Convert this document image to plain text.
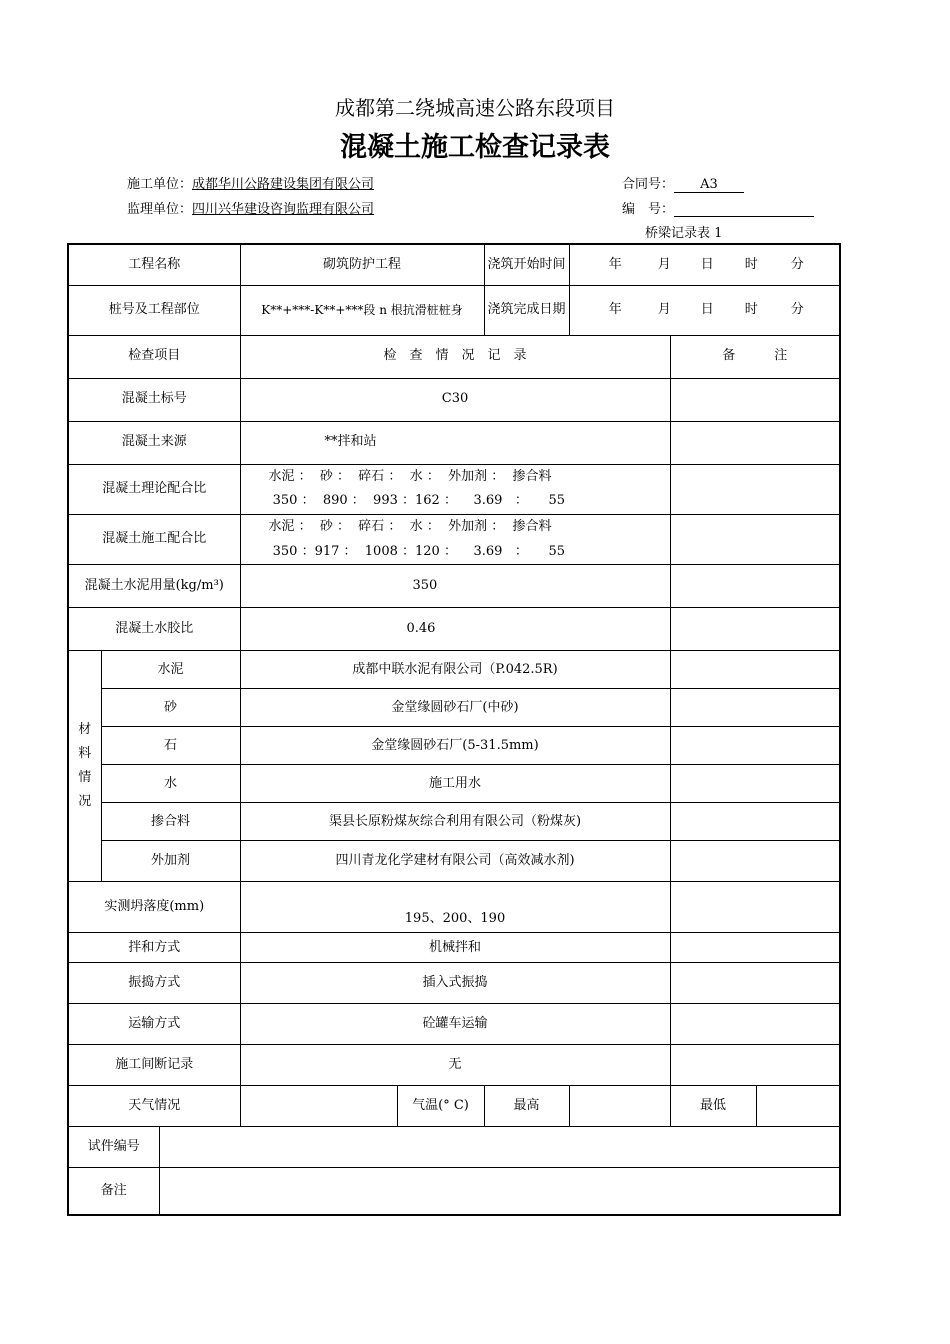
成都第二绕城高速公路东段项目
混凝土施工检查记录表
施工单位：成都华川公路建设集团有限公司
监理单位：四川兴华建设咨询监理有限公司
合同号： A3
编　号：
桥梁记录表 1
工程名称			砌筑防护工程		浇筑开始时间	年 月 日 时 分		
桩号及工程部位			K**+***-K**+***段 n 根抗滑桩桩身		浇筑完成日期	年 月 日 时 分		
检查项目			检　查　情　况　记　录				备　　　注	
混凝土标号			C30					
混凝土来源			**拌和站					
混凝土理论配合比			水泥 ：  砂 ：  碎石 ：  水 ：  外加剂 ：  掺合料
350 ：  890 ：  993 ：162 ：    3.69   ：     55					

混凝土施工配合比			水泥 ：  砂 ：  碎石 ：  水 ：  外加剂 ：  掺合料
350 ：917 ：  1008 ：120 ：    3.69   ：     55					

混凝土水泥用量(kg/m³)			350					
混凝土水胶比			0.46					

材料情况	水泥		成都中联水泥有限公司（P.042.5R)					
	砂		金堂缘圆砂石厂(中砂)					
	石		金堂缘圆砂石厂(5-31.5mm)					
	水		施工用水					
	掺合料		渠县长原粉煤灰综合利用有限公司（粉煤灰)					
	外加剂		四川青龙化学建材有限公司（高效减水剂)					
实测坍落度(mm)			195、200、190					
拌和方式			机械拌和					
振捣方式			插入式振捣					
运输方式			砼罐车运输					
施工间断记录			无					
天气情况				气温(° C)	最高		最低	
试件编号								
备注								
